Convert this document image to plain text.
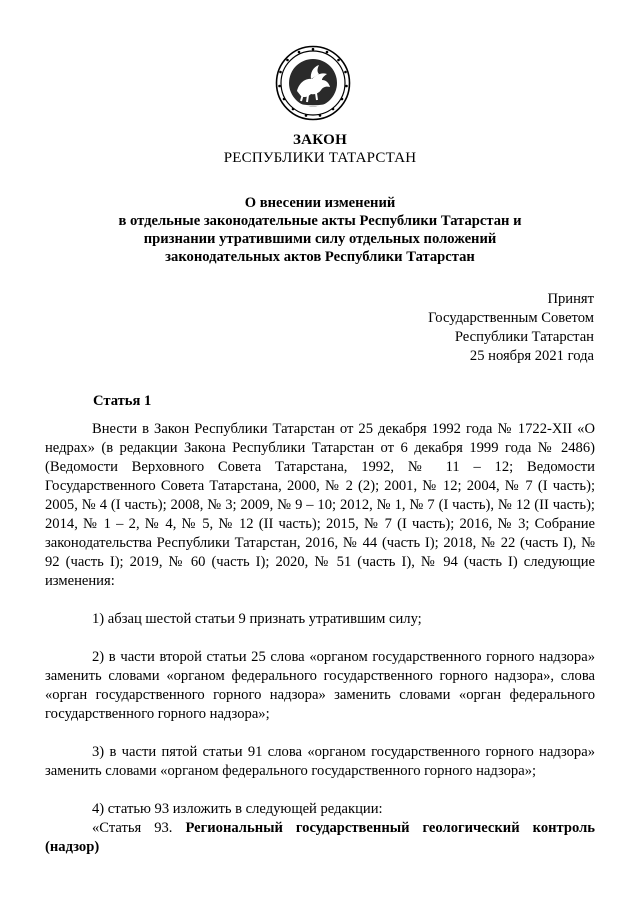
ЗАКОН
РЕСПУБЛИКИ ТАТАРСТАН
О внесении изменений
в отдельные законодательные акты Республики Татарстан и
признании утратившими силу отдельных положений
законодательных актов Республики Татарстан
Принят
Государственным Советом
Республики Татарстан
25 ноября 2021 года
Статья 1

Внести в Закон Республики Татарстан от 25 декабря 1992 года № 1722-XII «О недрах» (в редакции Закона Республики Татарстан от 6 декабря 1999 года № 2486) (Ведомости Верховного Совета Татарстана, 1992, № 11 – 12; Ведомости Государственного Совета Татарстана, 2000, № 2 (2); 2001, № 12; 2004, № 7 (I часть); 2005, № 4 (I часть); 2008, № 3; 2009, № 9 – 10; 2012, № 1, № 7 (I часть), № 12 (II часть); 2014, № 1 – 2, № 4, № 5, № 12 (II часть); 2015, № 7 (I часть); 2016, № 3; Собрание законодательства Республики Татарстан, 2016, № 44 (часть I); 2018, № 22 (часть I), № 92 (часть I); 2019, № 60 (часть I); 2020, № 51 (часть I), № 94 (часть I) следующие изменения:

1) абзац шестой статьи 9 признать утратившим силу;

2) в части второй статьи 25 слова «органом государственного горного надзора» заменить словами «органом федерального государственного горного надзора», слова «орган государственного горного надзора» заменить словами «орган федерального государственного горного надзора»;

3) в части пятой статьи 91 слова «органом государственного горного надзора» заменить словами «органом федерального государственного горного надзора»;

4) статью 93 изложить в следующей редакции:

«Статья 93. Региональный государственный геологический контроль (надзор)
